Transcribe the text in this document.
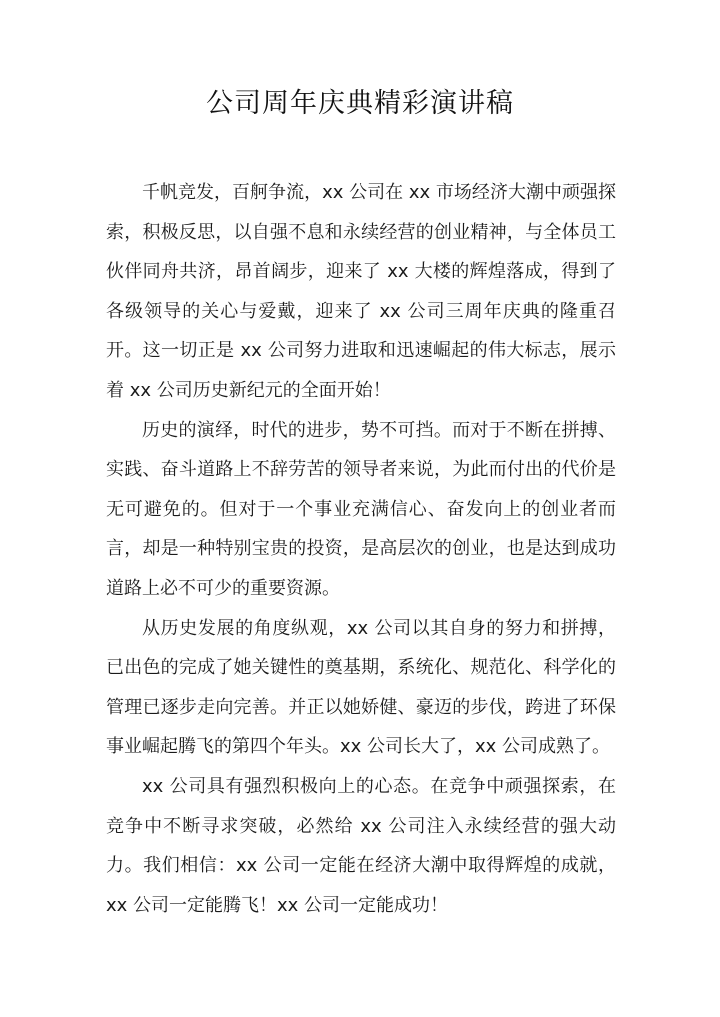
公司周年庆典精彩演讲稿

千帆竞发，百舸争流，xx 公司在 xx 市场经济大潮中顽强探索，积极反思，以自强不息和永续经营的创业精神，与全体员工伙伴同舟共济，昂首阔步，迎来了 xx 大楼的辉煌落成，得到了各级领导的关心与爱戴，迎来了 xx 公司三周年庆典的隆重召开。这一切正是 xx 公司努力进取和迅速崛起的伟大标志，展示着 xx 公司历史新纪元的全面开始！

历史的演绎，时代的进步，势不可挡。而对于不断在拼搏、实践、奋斗道路上不辞劳苦的领导者来说，为此而付出的代价是无可避免的。但对于一个事业充满信心、奋发向上的创业者而言，却是一种特别宝贵的投资，是高层次的创业，也是达到成功道路上必不可少的重要资源。

从历史发展的角度纵观，xx 公司以其自身的努力和拼搏，已出色的完成了她关键性的奠基期，系统化、规范化、科学化的管理已逐步走向完善。并正以她娇健、豪迈的步伐，跨进了环保事业崛起腾飞的第四个年头。xx 公司长大了，xx 公司成熟了。

xx 公司具有强烈积极向上的心态。在竞争中顽强探索，在竞争中不断寻求突破，必然给 xx 公司注入永续经营的强大动力。我们相信：xx 公司一定能在经济大潮中取得辉煌的成就，xx 公司一定能腾飞！xx 公司一定能成功！
